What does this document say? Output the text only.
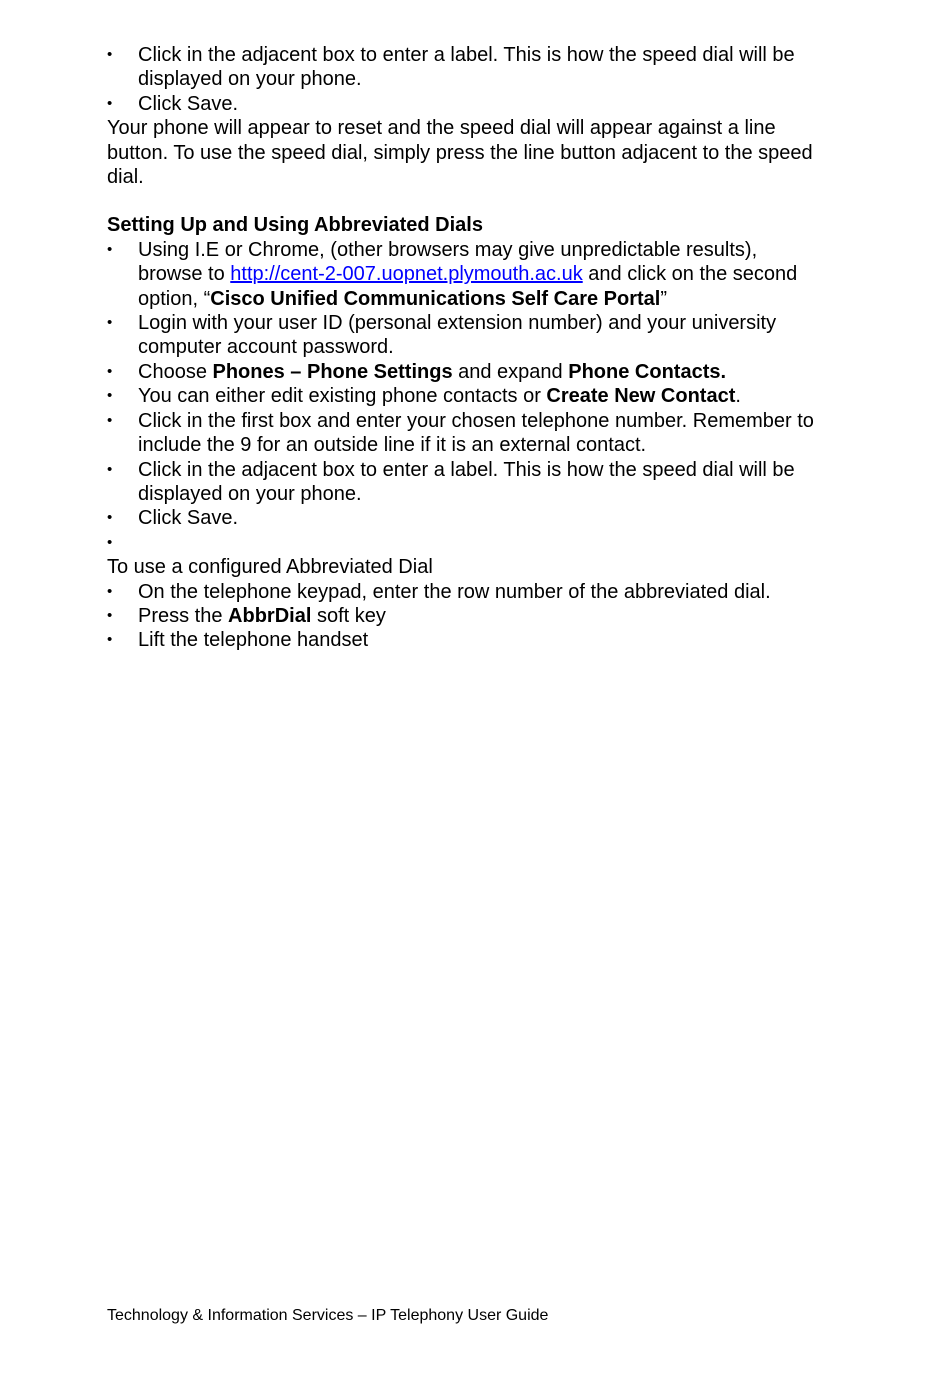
•
Click in the adjacent box to enter a label. This is how the speed dial will be displayed on your phone.
•
Click Save.

Your phone will appear to reset and the speed dial will appear against a line button. To use the speed dial, simply press the line button adjacent to the speed dial.

Setting Up and Using Abbreviated Dials

•
Using I.E or Chrome, (other browsers may give unpredictable results), browse to http://cent-2-007.uopnet.plymouth.ac.uk and click on the second option, “Cisco Unified Communications Self Care Portal”
•
Login with your user ID (personal extension number) and your university computer account password.
•
Choose Phones – Phone Settings and expand Phone Contacts.
•
You can either edit existing phone contacts or Create New Contact.
•
Click in the first box and enter your chosen telephone number. Remember to include the 9 for an outside line if it is an external contact.
•
Click in the adjacent box to enter a label. This is how the speed dial will be displayed on your phone.
•
Click Save.
•

To use a configured Abbreviated Dial

•
On the telephone keypad, enter the row number of the abbreviated dial.
•
Press the AbbrDial soft key
•
Lift the telephone handset
Technology & Information Services – IP Telephony User Guide
